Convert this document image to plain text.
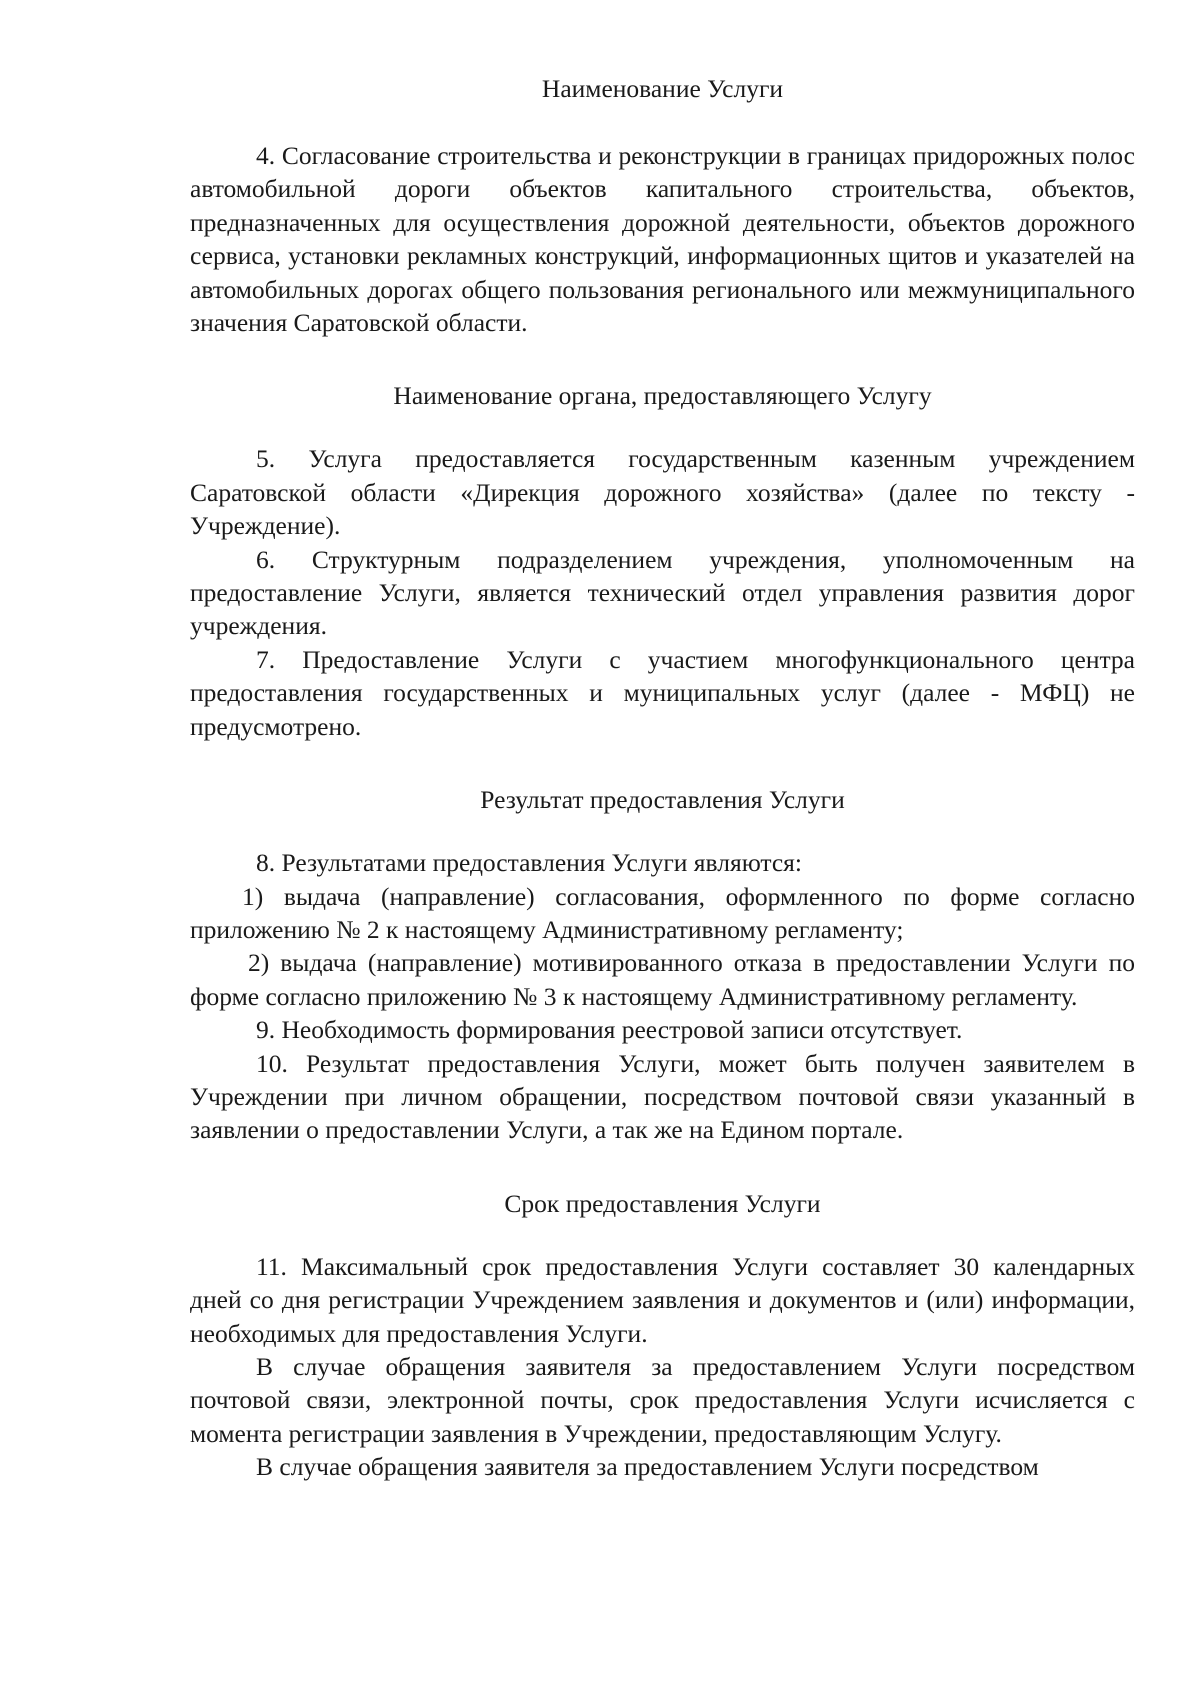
Наименование Услуги

4. Согласование строительства и реконструкции в границах придорожных полос автомобильной дороги объектов капитального строительства, объектов, предназначенных для осуществления дорожной деятельности, объектов дорожного сервиса, установки рекламных конструкций, информационных щитов и указателей на автомобильных дорогах общего пользования регионального или межмуниципального значения Саратовской области.

Наименование органа, предоставляющего Услугу

5. Услуга предоставляется государственным казенным учреждением Саратовской области «Дирекция дорожного хозяйства» (далее по тексту - Учреждение).

6. Структурным подразделением учреждения, уполномоченным на предоставление Услуги, является технический отдел управления развития дорог учреждения.

7. Предоставление Услуги с участием многофункционального центра предоставления государственных и муниципальных услуг (далее - МФЦ) не предусмотрено.

Результат предоставления Услуги

8. Результатами предоставления Услуги являются:

1) выдача (направление) согласования, оформленного по форме согласно приложению № 2 к настоящему Административному регламенту;

2) выдача (направление) мотивированного отказа в предоставлении Услуги по форме согласно приложению № 3 к настоящему Административному регламенту.

9. Необходимость формирования реестровой записи отсутствует.

10. Результат предоставления Услуги, может быть получен заявителем в Учреждении при личном обращении, посредством почтовой связи указанный в заявлении о предоставлении Услуги, а так же на Едином портале.

Срок предоставления Услуги

11. Максимальный срок предоставления Услуги составляет 30 календарных дней со дня регистрации Учреждением заявления и документов и (или) информации, необходимых для предоставления Услуги.

В случае обращения заявителя за предоставлением Услуги посредством почтовой связи, электронной почты, срок предоставления Услуги исчисляется с момента регистрации заявления в Учреждении, предоставляющим Услугу.

В случае обращения заявителя за предоставлением Услуги посредством
